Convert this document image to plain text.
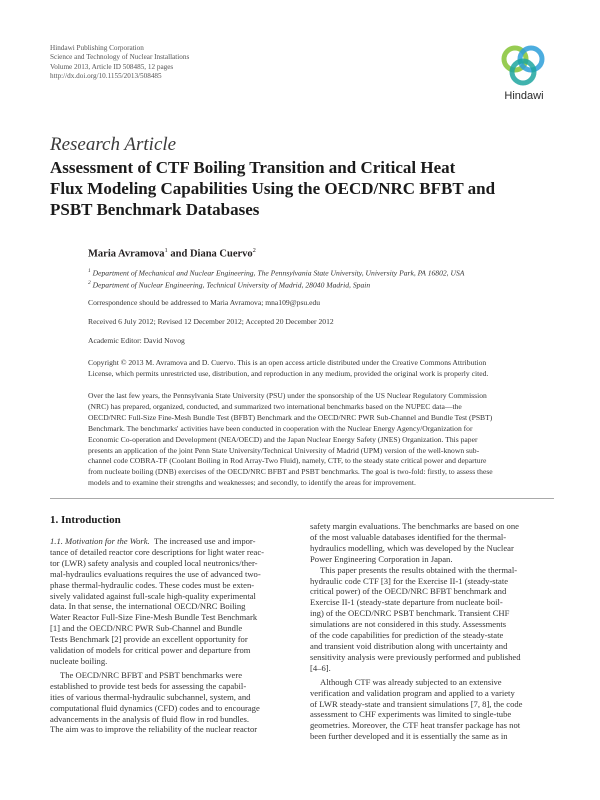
Hindawi Publishing Corporation
Science and Technology of Nuclear Installations
Volume 2013, Article ID 508485, 12 pages
http://dx.doi.org/10.1155/2013/508485
Hindawi
Research Article
Assessment of CTF Boiling Transition and Critical Heat
Flux Modeling Capabilities Using the OECD/NRC BFBT and
PSBT Benchmark Databases
Maria Avramova$^1$ and Diana Cuervo$^2$
$^1$ Department of Mechanical and Nuclear Engineering, The Pennsylvania State University, University Park, PA 16802, USA
$^2$ Department of Nuclear Engineering, Technical University of Madrid, 28040 Madrid, Spain
Correspondence should be addressed to Maria Avramova; mna109@psu.edu
Received 6 July 2012; Revised 12 December 2012; Accepted 20 December 2012
Academic Editor: David Novog
Copyright © 2013 M. Avramova and D. Cuervo. This is an open access article distributed under the Creative Commons Attribution
License, which permits unrestricted use, distribution, and reproduction in any medium, provided the original work is properly cited.
Over the last few years, the Pennsylvania State University (PSU) under the sponsorship of the US Nuclear Regulatory Commission
(NRC) has prepared, organized, conducted, and summarized two international benchmarks based on the NUPEC data—the
OECD/NRC Full-Size Fine-Mesh Bundle Test (BFBT) Benchmark and the OECD/NRC PWR Sub-Channel and Bundle Test (PSBT)
Benchmark. The benchmarks' activities have been conducted in cooperation with the Nuclear Energy Agency/Organization for
Economic Co-operation and Development (NEA/OECD) and the Japan Nuclear Energy Safety (JNES) Organization. This paper
presents an application of the joint Penn State University/Technical University of Madrid (UPM) version of the well-known sub-
channel code COBRA-TF (Coolant Boiling in Rod Array-Two Fluid), namely, CTF, to the steady state critical power and departure
from nucleate boiling (DNB) exercises of the OECD/NRC BFBT and PSBT benchmarks. The goal is two-fold: firstly, to assess these
models and to examine their strengths and weaknesses; and secondly, to identify the areas for improvement.
1. Introduction
1.1. Motivation for the Work. The increased use and impor-
tance of detailed reactor core descriptions for light water reac-
tor (LWR) safety analysis and coupled local neutronics/ther-
mal-hydraulics evaluations requires the use of advanced two-
phase thermal-hydraulic codes. These codes must be exten-
sively validated against full-scale high-quality experimental
data. In that sense, the international OECD/NRC Boiling
Water Reactor Full-Size Fine-Mesh Bundle Test Benchmark
[1] and the OECD/NRC PWR Sub-Channel and Bundle
Tests Benchmark [2] provide an excellent opportunity for
validation of models for critical power and departure from
nucleate boiling.
The OECD/NRC BFBT and PSBT benchmarks were
established to provide test beds for assessing the capabil-
ities of various thermal-hydraulic subchannel, system, and
computational fluid dynamics (CFD) codes and to encourage
advancements in the analysis of fluid flow in rod bundles.
The aim was to improve the reliability of the nuclear reactor
safety margin evaluations. The benchmarks are based on one
of the most valuable databases identified for the thermal-
hydraulics modelling, which was developed by the Nuclear
Power Engineering Corporation in Japan.
This paper presents the results obtained with the thermal-
hydraulic code CTF [3] for the Exercise II-1 (steady-state
critical power) of the OECD/NRC BFBT benchmark and
Exercise II-1 (steady-state departure from nucleate boil-
ing) of the OECD/NRC PSBT benchmark. Transient CHF
simulations are not considered in this study. Assessments
of the code capabilities for prediction of the steady-state
and transient void distribution along with uncertainty and
sensitivity analysis were previously performed and published
[4–6].
Although CTF was already subjected to an extensive
verification and validation program and applied to a variety
of LWR steady-state and transient simulations [7, 8], the code
assessment to CHF experiments was limited to single-tube
geometries. Moreover, the CTF heat transfer package has not
been further developed and it is essentially the same as in
